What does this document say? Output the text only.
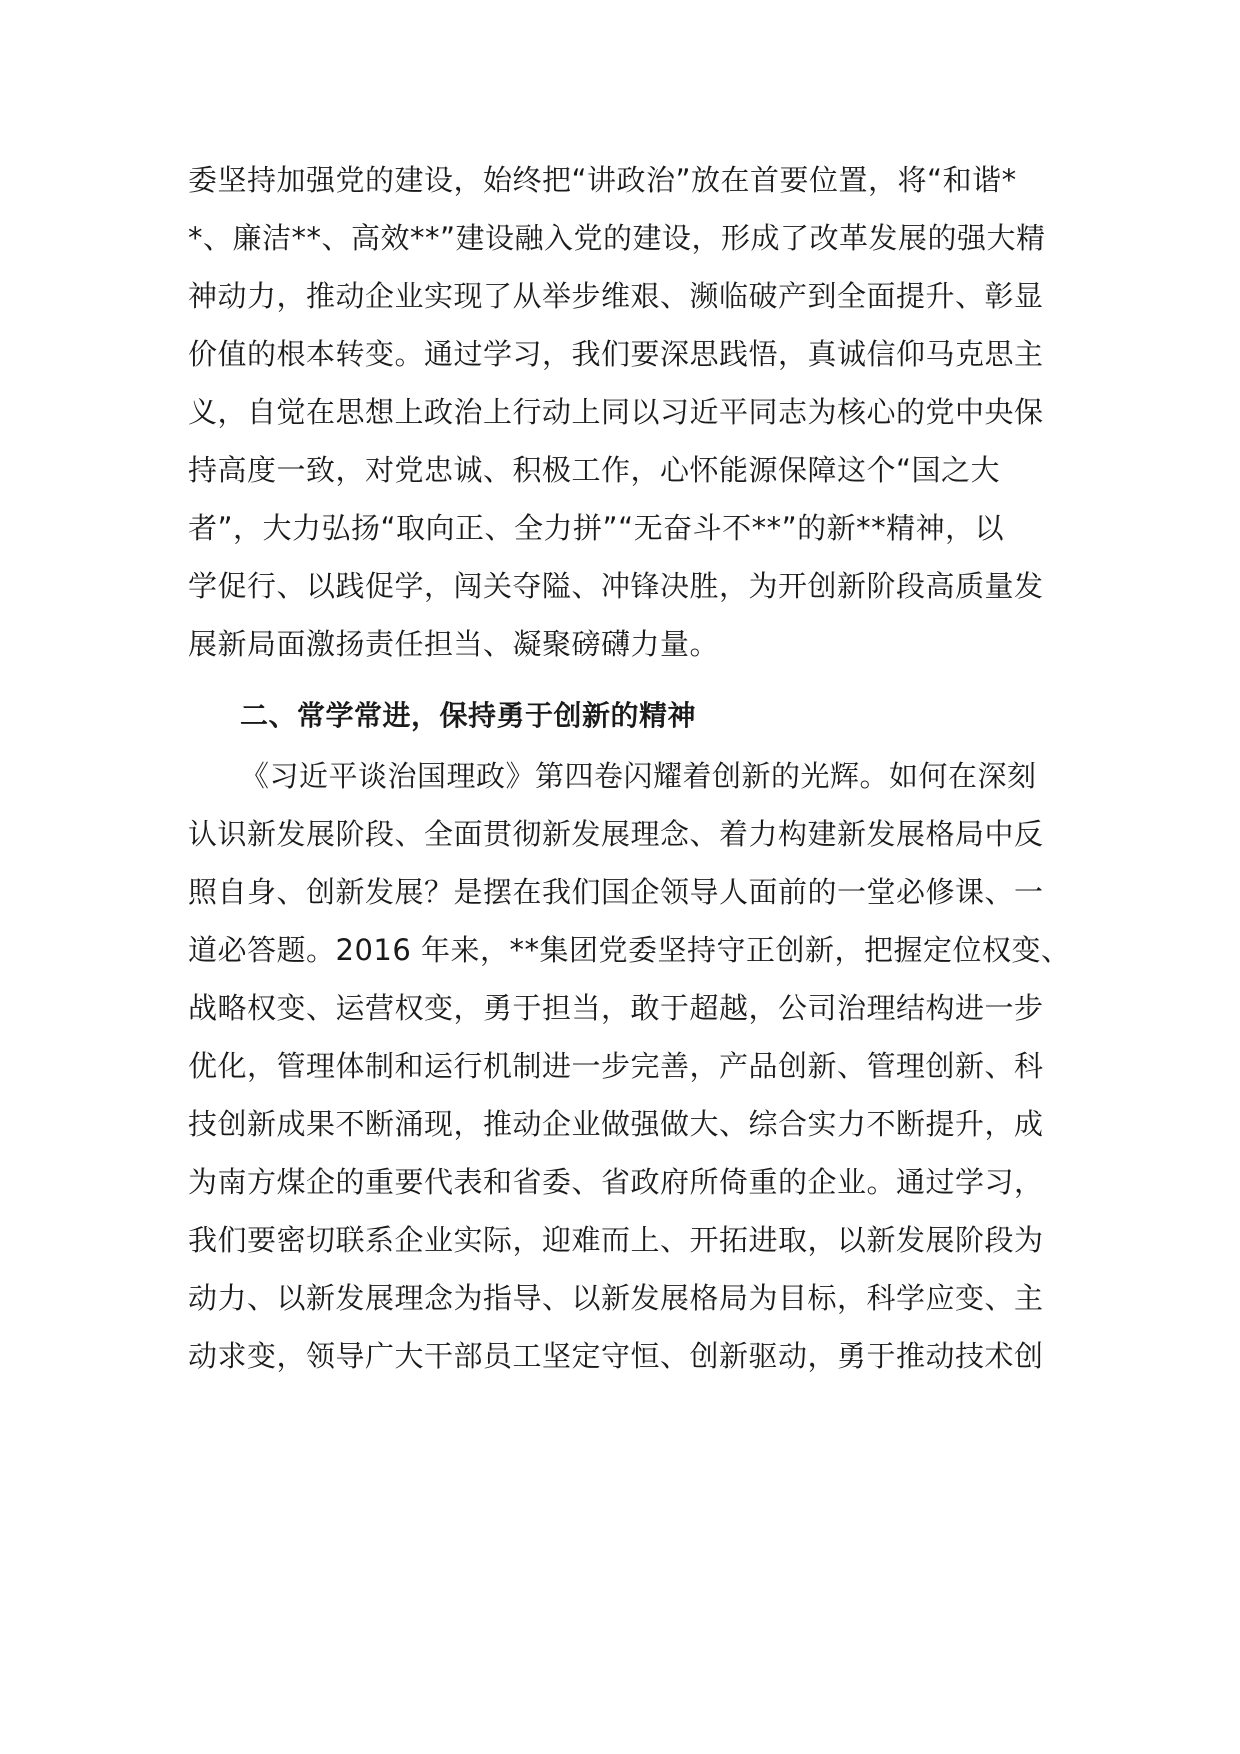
委坚持加强党的建设，始终把“讲政治”放在首要位置，将“和谐*
*、廉洁**、高效**”建设融入党的建设，形成了改革发展的强大精
神动力，推动企业实现了从举步维艰、濒临破产到全面提升、彰显
价值的根本转变。通过学习，我们要深思践悟，真诚信仰马克思主
义，自觉在思想上政治上行动上同以习近平同志为核心的党中央保
持高度一致，对党忠诚、积极工作，心怀能源保障这个“国之大
者”，大力弘扬“取向正、全力拼”“无奋斗不**”的新**精神，以
学促行、以践促学，闯关夺隘、冲锋决胜，为开创新阶段高质量发
展新局面激扬责任担当、凝聚磅礴力量。
二、常学常进，保持勇于创新的精神
《习近平谈治国理政》第四卷闪耀着创新的光辉。如何在深刻
认识新发展阶段、全面贯彻新发展理念、着力构建新发展格局中反
照自身、创新发展？是摆在我们国企领导人面前的一堂必修课、一
道必答题。2016 年来，**集团党委坚持守正创新，把握定位权变、
战略权变、运营权变，勇于担当，敢于超越，公司治理结构进一步
优化，管理体制和运行机制进一步完善，产品创新、管理创新、科
技创新成果不断涌现，推动企业做强做大、综合实力不断提升，成
为南方煤企的重要代表和省委、省政府所倚重的企业。通过学习，
我们要密切联系企业实际，迎难而上、开拓进取，以新发展阶段为
动力、以新发展理念为指导、以新发展格局为目标，科学应变、主
动求变，领导广大干部员工坚定守恒、创新驱动，勇于推动技术创
